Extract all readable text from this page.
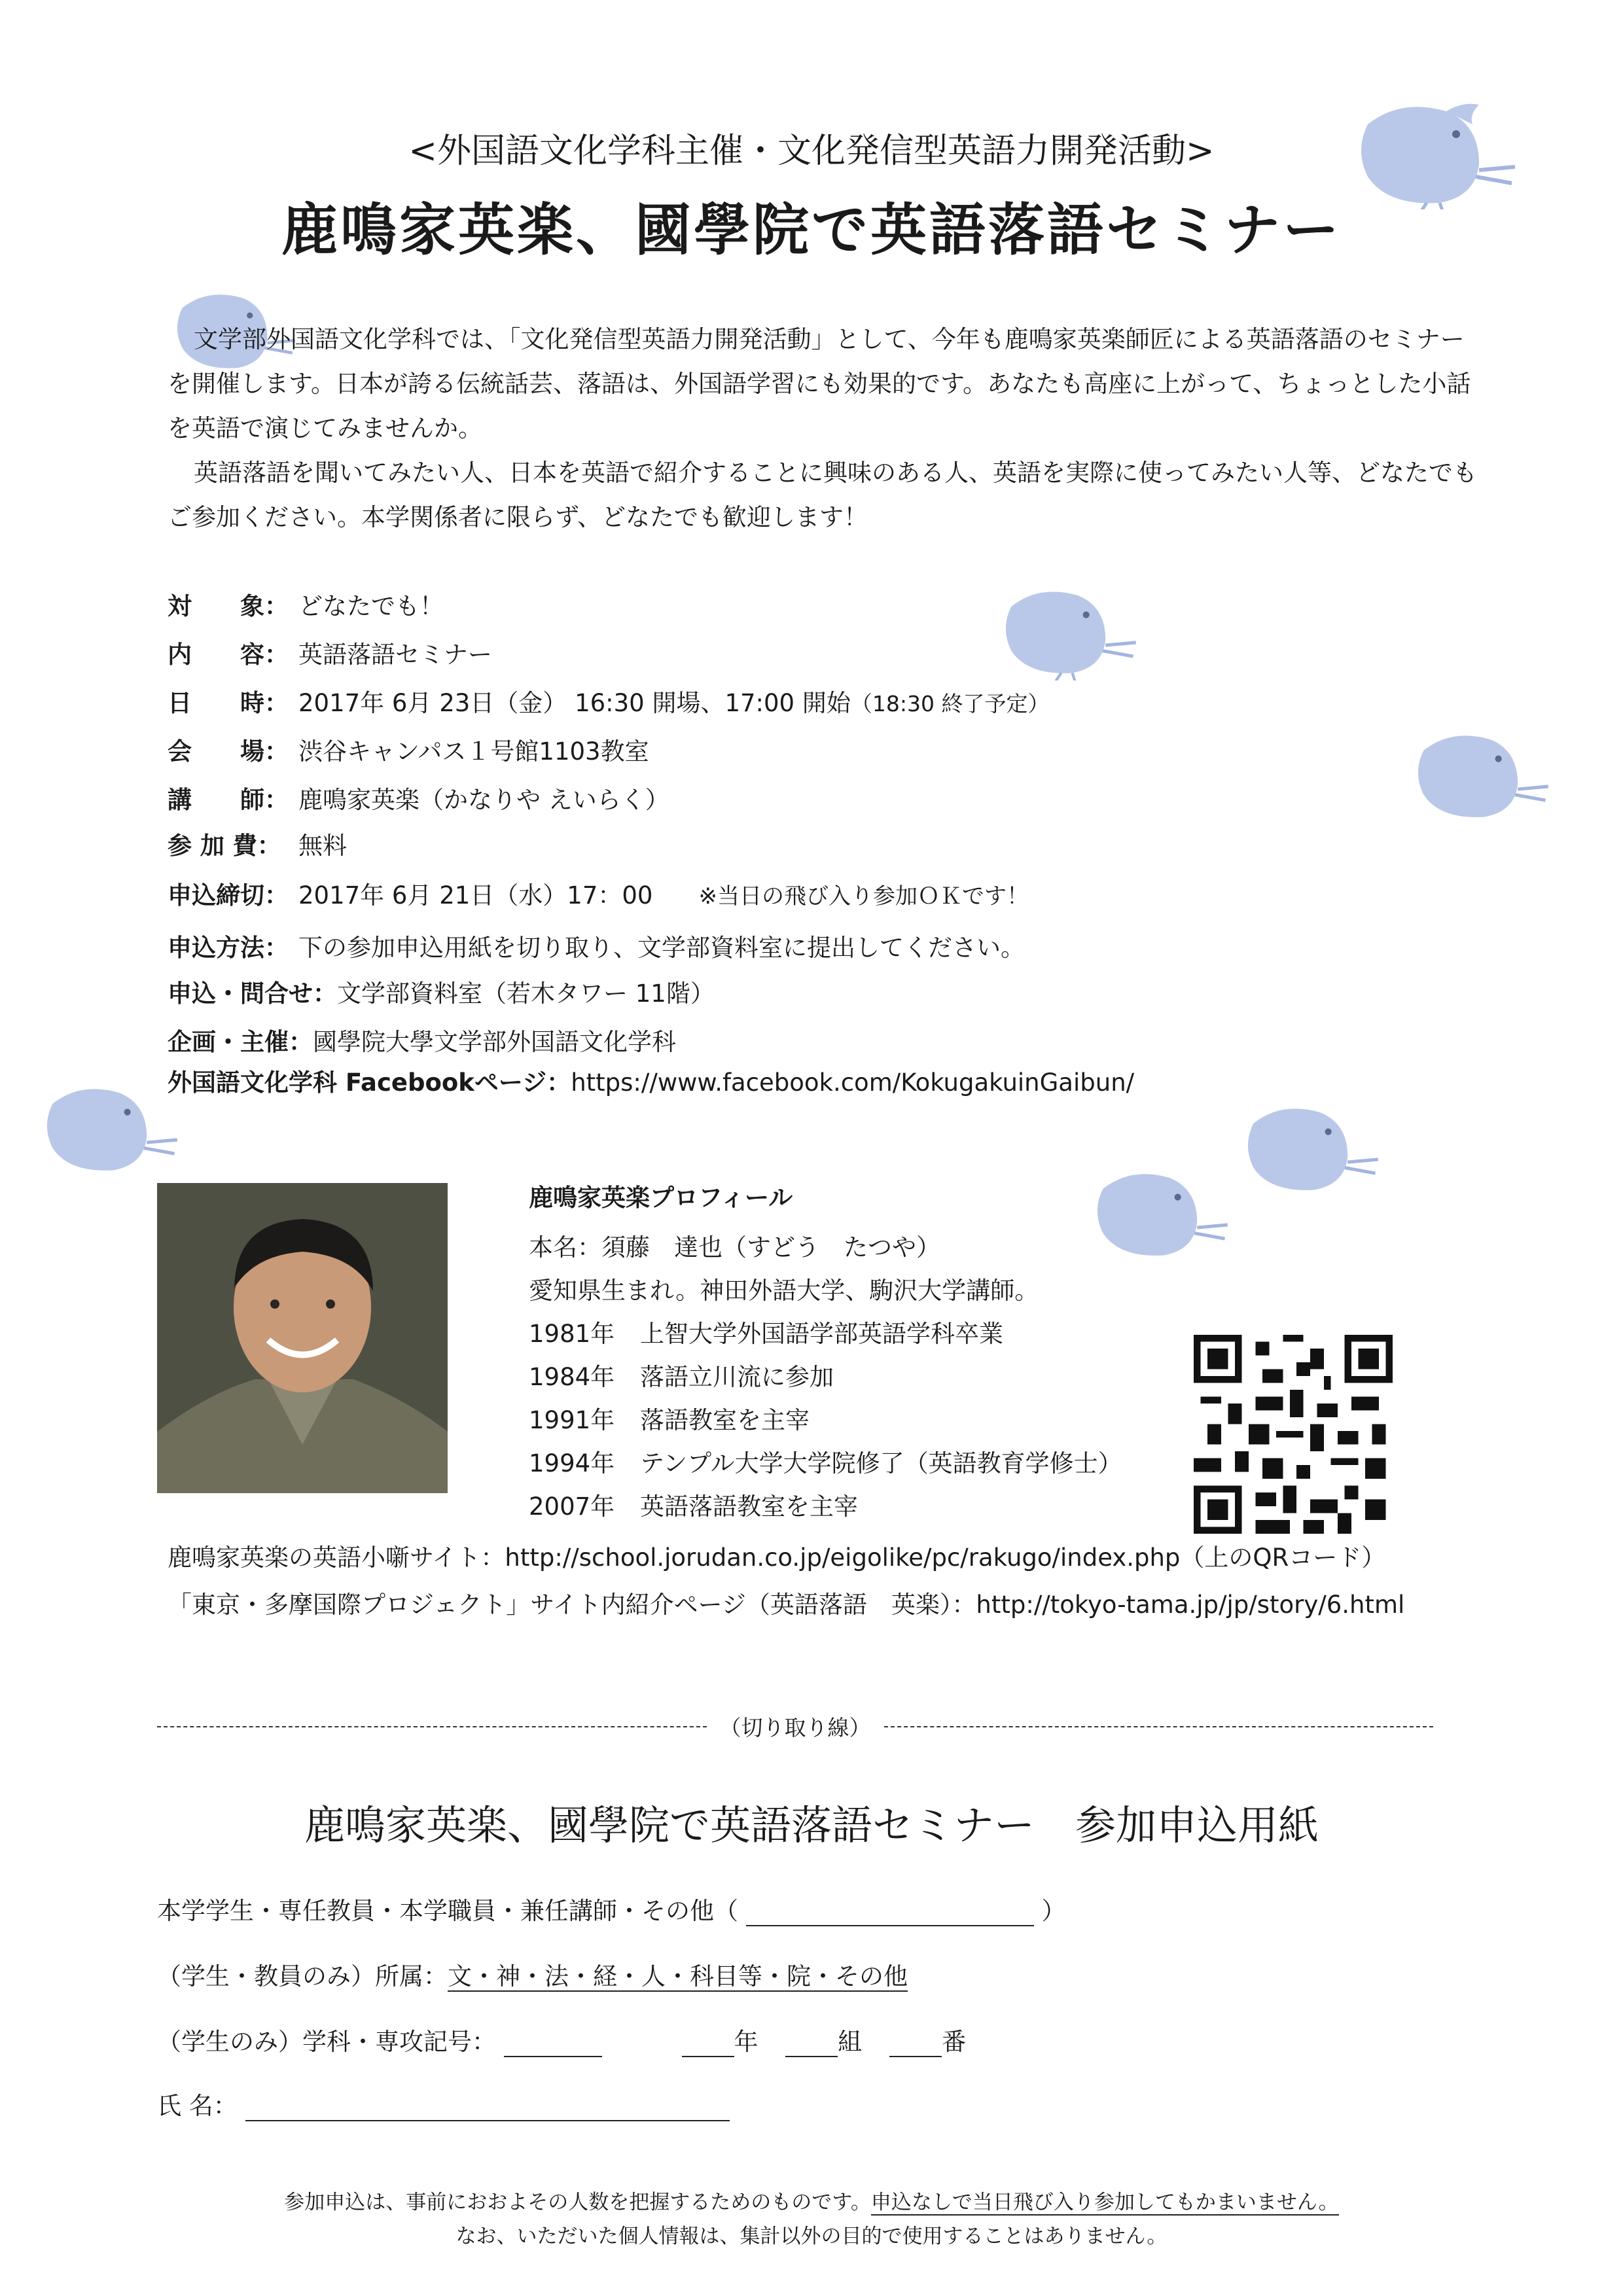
<外国語文化学科主催・文化発信型英語力開発活動>
鹿鳴家英楽、國學院で英語落語セミナー

文学部外国語文化学科では、「文化発信型英語力開発活動」として、今年も鹿鳴家英楽師匠による英語落語のセミナーを開催します。日本が誇る伝統話芸、落語は、外国語学習にも効果的です。あなたも高座に上がって、ちょっとした小話を英語で演じてみませんか。

英語落語を聞いてみたい人、日本を英語で紹介することに興味のある人、英語を実際に使ってみたい人等、どなたでもご参加ください。本学関係者に限らず、どなたでも歓迎します！

対　　象： どなたでも！
内　　容： 英語落語セミナー
日　　時： 2017年 6月 23日（金） 16:30 開場、17:00 開始（18:30 終了予定）
会　　場： 渋谷キャンパス１号館1103教室
講　　師： 鹿鳴家英楽（かなりや えいらく）
参 加 費： 無料
申込締切： 2017年 6月 21日（水）17：00 ※当日の飛び入り参加ＯＫです！
申込方法： 下の参加申込用紙を切り取り、文学部資料室に提出してください。
申込・問合せ：文学部資料室（若木タワー 11階）
企画・主催：國學院大學文学部外国語文化学科
外国語文化学科 Facebookページ：https://www.facebook.com/KokugakuinGaibun/
鹿鳴家英楽プロフィール
本名：須藤　達也（すどう　たつや）
愛知県生まれ。神田外語大学、駒沢大学講師。
1981年 上智大学外国語学部英語学科卒業
1984年 落語立川流に参加
1991年 落語教室を主宰
1994年 テンプル大学大学院修了（英語教育学修士）
2007年 英語落語教室を主宰
鹿鳴家英楽の英語小噺サイト：http://school.jorudan.co.jp/eigolike/pc/rakugo/index.php（上のQRコード）
「東京・多摩国際プロジェクト」サイト内紹介ページ（英語落語　英楽）：http://tokyo-tama.jp/jp/story/6.html
（切り取り線）
鹿鳴家英楽、國學院で英語落語セミナー　参加申込用紙
本学学生・専任教員・本学職員・兼任講師・その他（	）
（学生・教員のみ）所属：文・神・法・経・人・科目等・院・その他
（学生のみ）学科・専攻記号：	年	組	番
氏 名：
参加申込は、事前におおよその人数を把握するためのものです。申込なしで当日飛び入り参加してもかまいません。
なお、いただいた個人情報は、集計以外の目的で使用することはありません。
